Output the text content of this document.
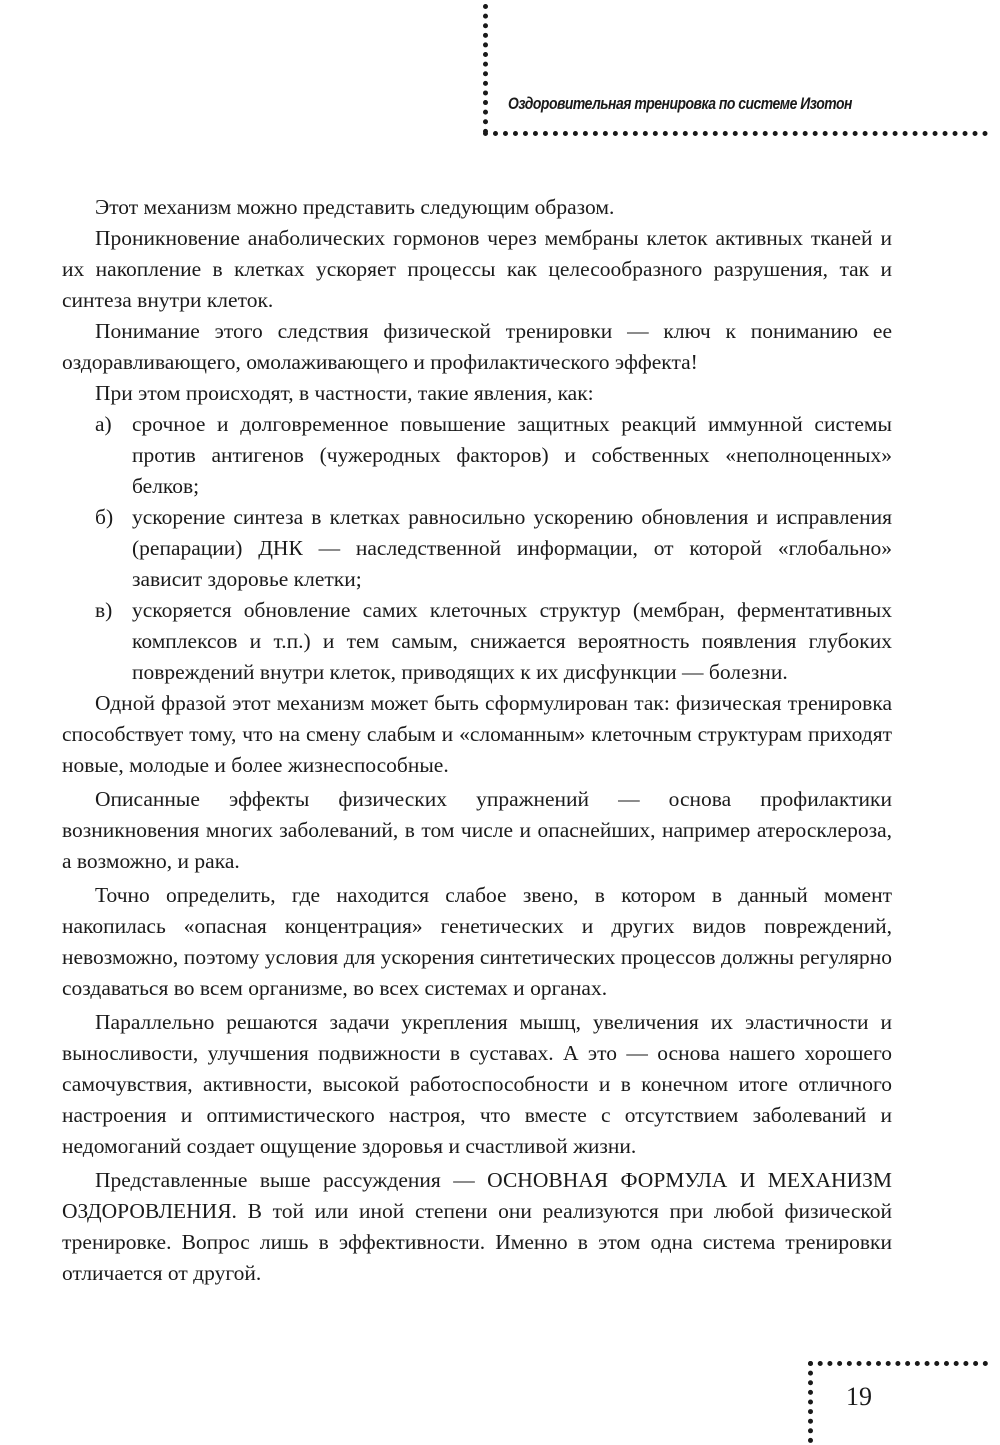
Оздоровительная тренировка по системе Изотон

Этот механизм можно представить следующим образом.

Проникновение анаболических гормонов через мембраны клеток активных тканей и их накопление в клетках ускоряет процессы как целесообразного разрушения, так и синтеза внутри клеток.

Понимание этого следствия физической тренировки — ключ к пониманию ее оздоравливающего, омолаживающего и профилактического эффекта!

При этом происходят, в частности, такие явления, как:

а) срочное и долговременное повышение защитных реакций иммунной системы против антигенов (чужеродных факторов) и собственных «неполноценных» белков;
б) ускорение синтеза в клетках равносильно ускорению обновления и исправления (репарации) ДНК — наследственной информации, от которой «глобально» зависит здоровье клетки;
в) ускоряется обновление самих клеточных структур (мембран, ферментативных комплексов и т.п.) и тем самым, снижается вероятность появления глубоких повреждений внутри клеток, приводящих к их дисфункции — болезни.

Одной фразой этот механизм может быть сформулирован так: физическая тренировка способствует тому, что на смену слабым и «сломанным» клеточным структурам приходят новые, молодые и более жизнеспособные.

Описанные эффекты физических упражнений — основа профилактики возникновения многих заболеваний, в том числе и опаснейших, например атеросклероза, а возможно, и рака.

Точно определить, где находится слабое звено, в котором в данный момент накопилась «опасная концентрация» генетических и других видов повреждений, невозможно, поэтому условия для ускорения синтетических процессов должны регулярно создаваться во всем организме, во всех системах и органах.

Параллельно решаются задачи укрепления мышц, увеличения их эластичности и выносливости, улучшения подвижности в суставах. А это — основа нашего хорошего самочувствия, активности, высокой работоспособности и в конечном итоге отличного настроения и оптимистического настроя, что вместе с отсутствием заболеваний и недомоганий создает ощущение здоровья и счастливой жизни.

Представленные выше рассуждения — ОСНОВНАЯ ФОРМУЛА И МЕХАНИЗМ ОЗДОРОВЛЕНИЯ. В той или иной степени они реализуются при любой физической тренировке. Вопрос лишь в эффективности. Именно в этом одна система тренировки отличается от другой.

19
